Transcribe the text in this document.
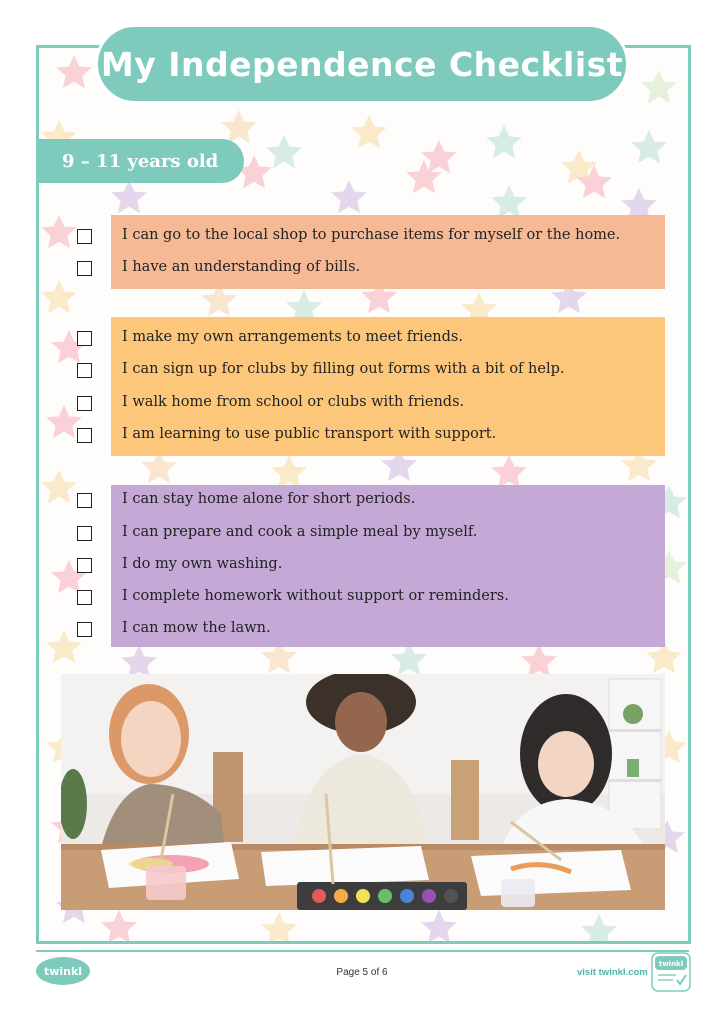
My Independence Checklist
9 – 11 years old
I can go to the local shop to purchase items for myself or the home.
I have an understanding of bills.
I make my own arrangements to meet friends.
I can sign up for clubs by filling out forms with a bit of help.
I walk home from school or clubs with friends.
I am learning to use public transport with support.
I can stay home alone for short periods.
I can prepare and cook a simple meal by myself.
I do my own washing.
I complete homework without support or reminders.
I can mow the lawn.
twinkl	Page 5 of 6	visit twinkl.com
twinkl
